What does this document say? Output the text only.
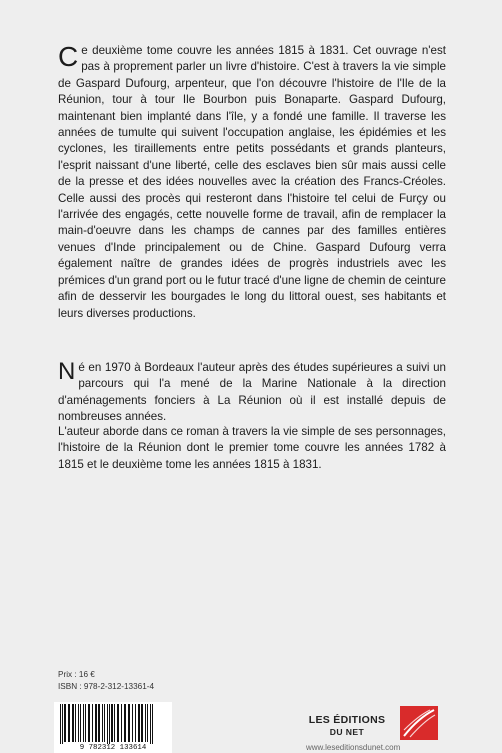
Ce deuxième tome couvre les années 1815 à 1831. Cet ouvrage n'est pas à proprement parler un livre d'histoire. C'est à travers la vie simple de Gaspard Dufourg, arpenteur, que l'on découvre l'histoire de l'Ile de la Réunion, tour à tour Ile Bourbon puis Bonaparte. Gaspard Dufourg, maintenant bien implanté dans l'île, y a fondé une famille. Il traverse les années de tumulte qui suivent l'occupation anglaise, les épidémies et les cyclones, les tiraillements entre petits possédants et grands planteurs, l'esprit naissant d'une liberté, celle des esclaves bien sûr mais aussi celle de la presse et des idées nouvelles avec la création des Francs-Créoles. Celle aussi des procès qui resteront dans l'histoire tel celui de Furçy ou l'arrivée des engagés, cette nouvelle forme de travail, afin de remplacer la main-d'oeuvre dans les champs de cannes par des familles entières venues d'Inde principalement ou de Chine. Gaspard Dufourg verra également naître de grandes idées de progrès industriels avec les prémices d'un grand port ou le futur tracé d'une ligne de chemin de ceinture afin de desservir les bourgades le long du littoral ouest, ses habitants et leurs diverses productions.

Né en 1970 à Bordeaux l'auteur après des études supérieures a suivi un parcours qui l'a mené de la Marine Nationale à la direction d'aménagements fonciers à La Réunion où il est installé depuis de nombreuses années.

L'auteur aborde dans ce roman à travers la vie simple de ses personnages, l'histoire de la Réunion dont le premier tome couvre les années 1782 à 1815 et le deuxième tome les années 1815 à 1831.

Prix : 16 €

ISBN : 978-2-312-13361-4

9 782312 133614
LES ÉDITIONS
DU NET
www.leseditionsdunet.com
